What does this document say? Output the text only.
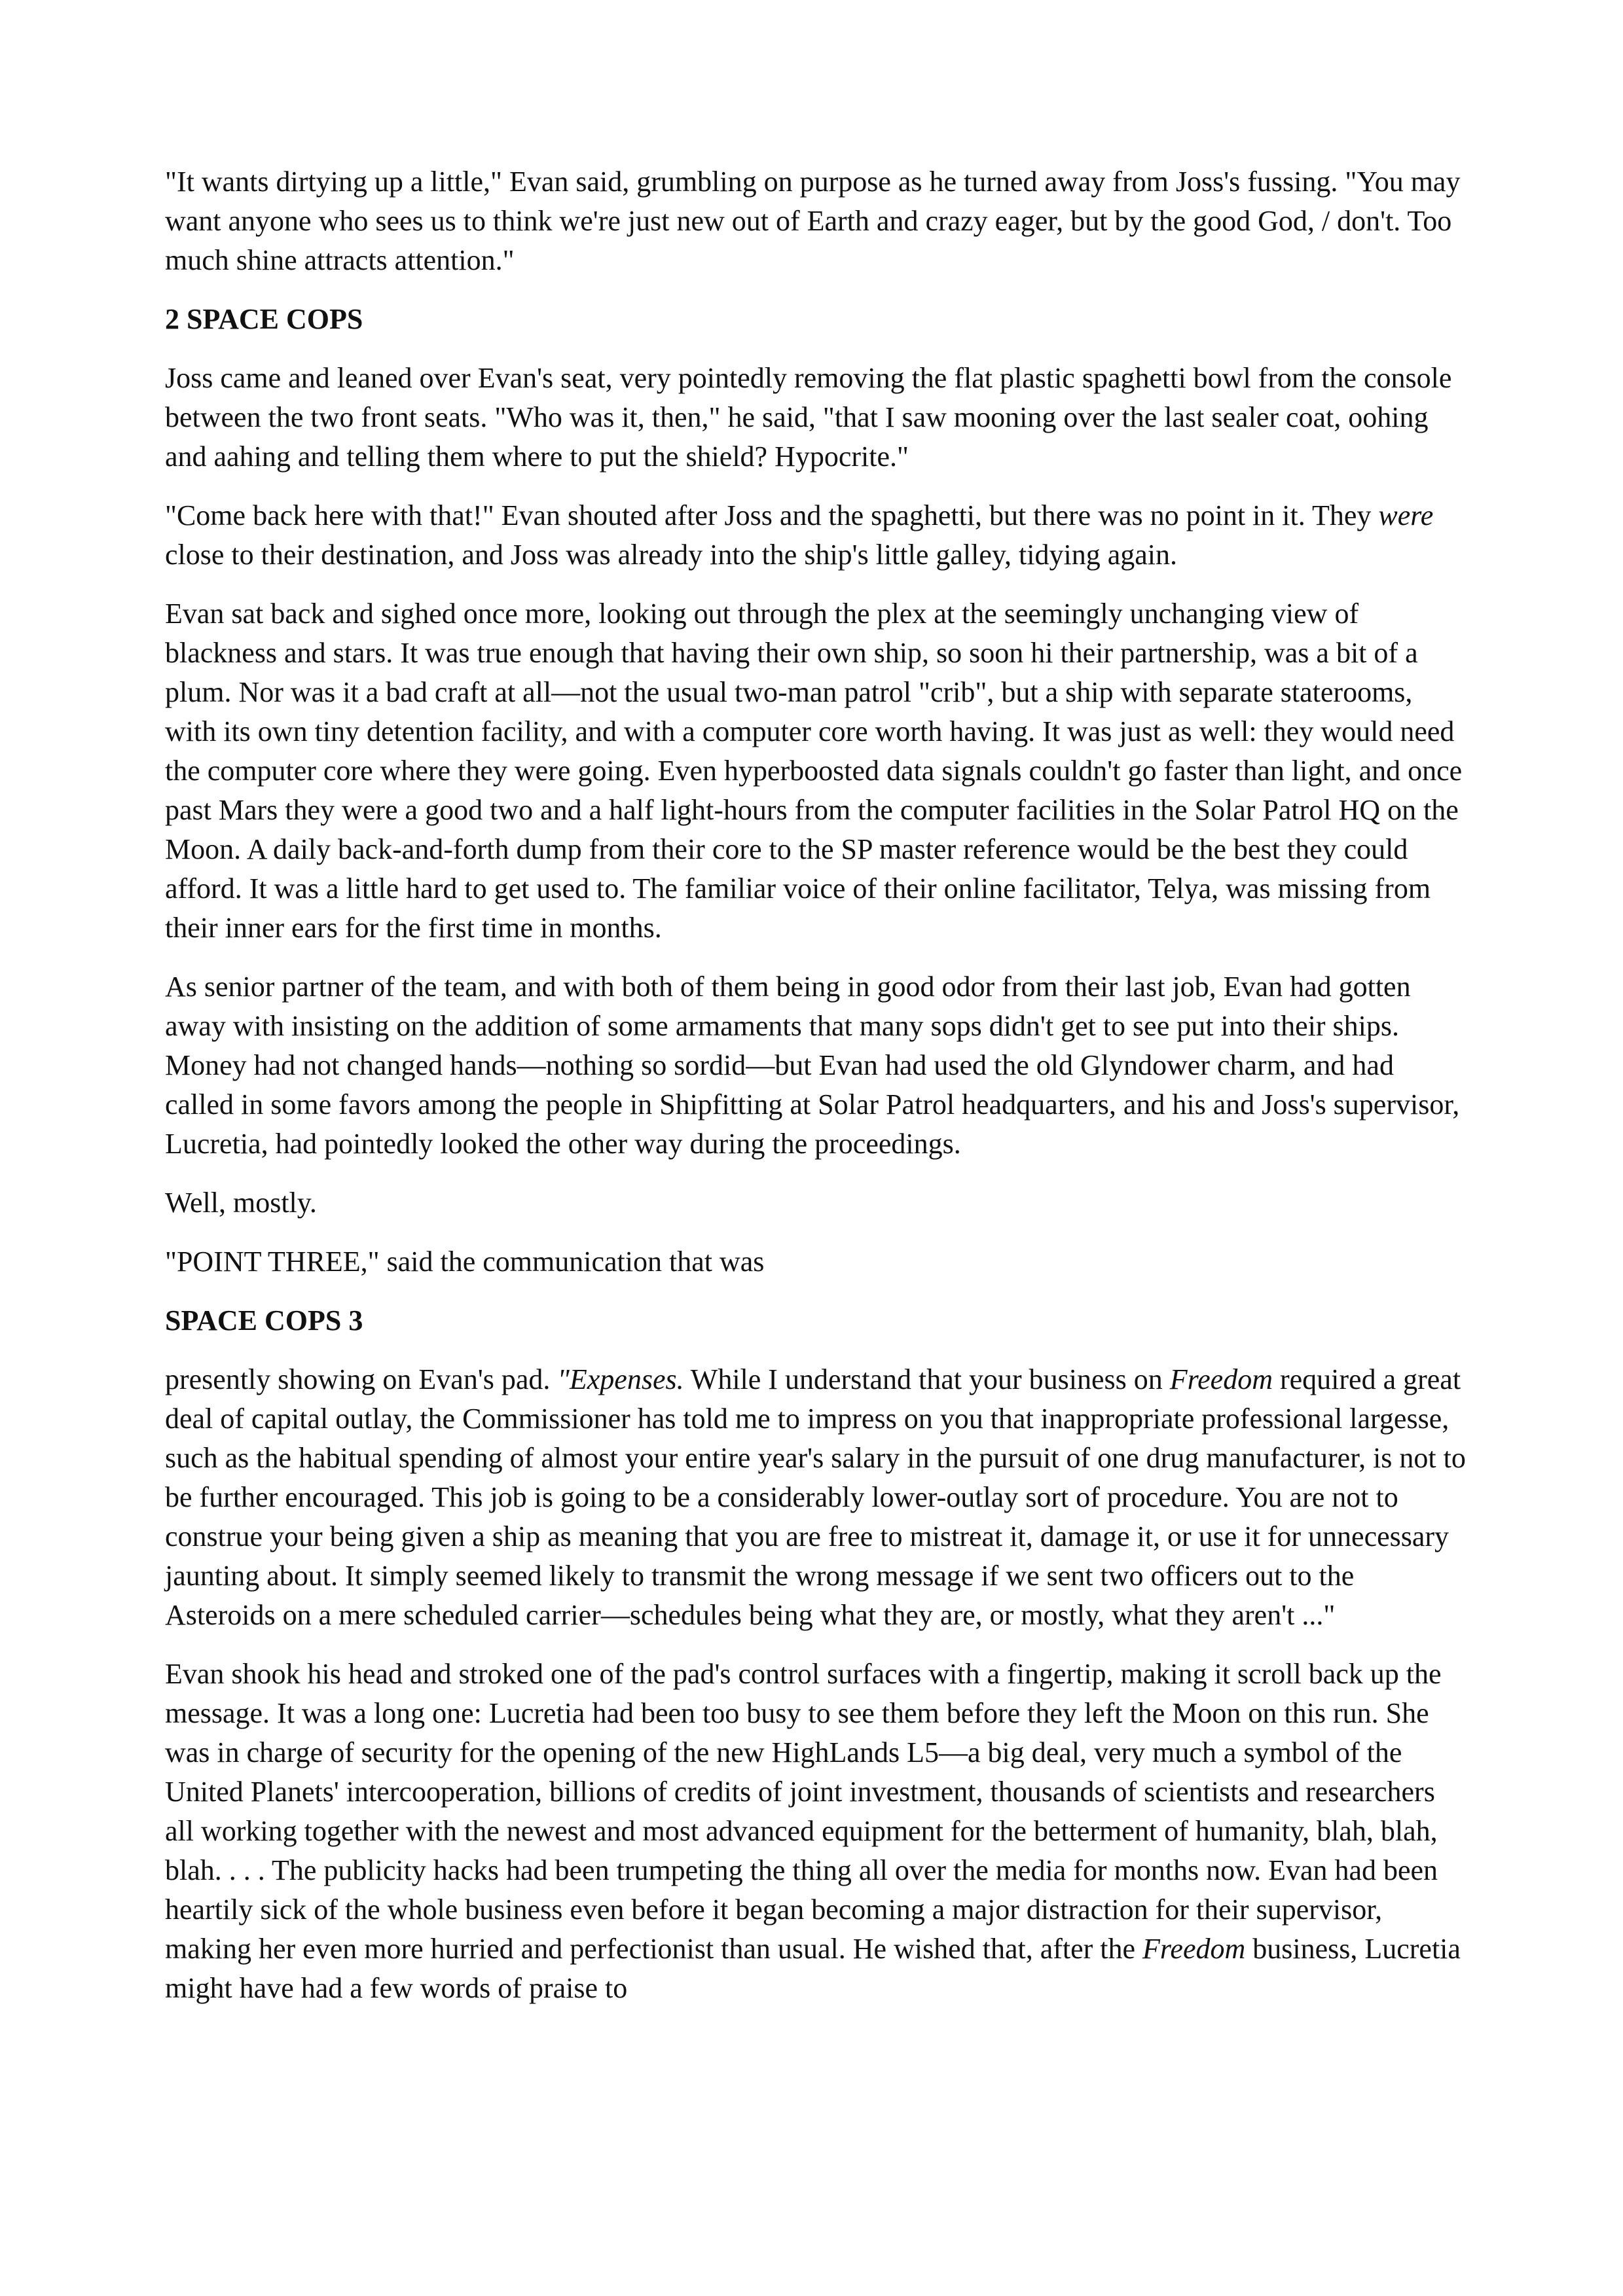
"It wants dirtying up a little," Evan said, grumbling on purpose as he turned away from Joss's fussing. "You may want anyone who sees us to think we're just new out of Earth and crazy eager, but by the good God, / don't. Too much shine attracts attention."

2 SPACE COPS

Joss came and leaned over Evan's seat, very pointedly removing the flat plastic spaghetti bowl from the console between the two front seats. "Who was it, then," he said, "that I saw mooning over the last sealer coat, oohing and aahing and telling them where to put the shield? Hypocrite."

"Come back here with that!" Evan shouted after Joss and the spaghetti, but there was no point in it. They were close to their destination, and Joss was already into the ship's little galley, tidying again.

Evan sat back and sighed once more, looking out through the plex at the seemingly unchanging view of blackness and stars. It was true enough that having their own ship, so soon hi their partnership, was a bit of a plum. Nor was it a bad craft at all—not the usual two-man patrol "crib", but a ship with separate staterooms, with its own tiny detention facility, and with a computer core worth having. It was just as well: they would need the computer core where they were going. Even hyperboosted data signals couldn't go faster than light, and once past Mars they were a good two and a half light-hours from the computer facilities in the Solar Patrol HQ on the Moon. A daily back-and-forth dump from their core to the SP master reference would be the best they could afford. It was a little hard to get used to. The familiar voice of their online facilitator, Telya, was missing from their inner ears for the first time in months.

As senior partner of the team, and with both of them being in good odor from their last job, Evan had gotten away with insisting on the addition of some armaments that many sops didn't get to see put into their ships. Money had not changed hands—nothing so sordid—but Evan had used the old Glyndower charm, and had called in some favors among the people in Shipfitting at Solar Patrol headquarters, and his and Joss's supervisor, Lucretia, had pointedly looked the other way during the proceedings.

Well, mostly.

"POINT THREE," said the communication that was

SPACE COPS 3

presently showing on Evan's pad. "Expenses. While I understand that your business on Freedom required a great deal of capital outlay, the Commissioner has told me to impress on you that inappropriate professional largesse, such as the habitual spending of almost your entire year's salary in the pursuit of one drug manufacturer, is not to be further encouraged. This job is going to be a considerably lower-outlay sort of procedure. You are not to construe your being given a ship as meaning that you are free to mistreat it, damage it, or use it for unnecessary jaunting about. It simply seemed likely to transmit the wrong message if we sent two officers out to the Asteroids on a mere scheduled carrier—schedules being what they are, or mostly, what they aren't ..."

Evan shook his head and stroked one of the pad's control surfaces with a fingertip, making it scroll back up the message. It was a long one: Lucretia had been too busy to see them before they left the Moon on this run. She was in charge of security for the opening of the new HighLands L5—a big deal, very much a symbol of the United Planets' intercooperation, billions of credits of joint investment, thousands of scientists and researchers all working together with the newest and most advanced equipment for the betterment of humanity, blah, blah, blah. . . . The publicity hacks had been trumpeting the thing all over the media for months now. Evan had been heartily sick of the whole business even before it began becoming a major distraction for their supervisor, making her even more hurried and perfectionist than usual. He wished that, after the Freedom business, Lucretia might have had a few words of praise to
